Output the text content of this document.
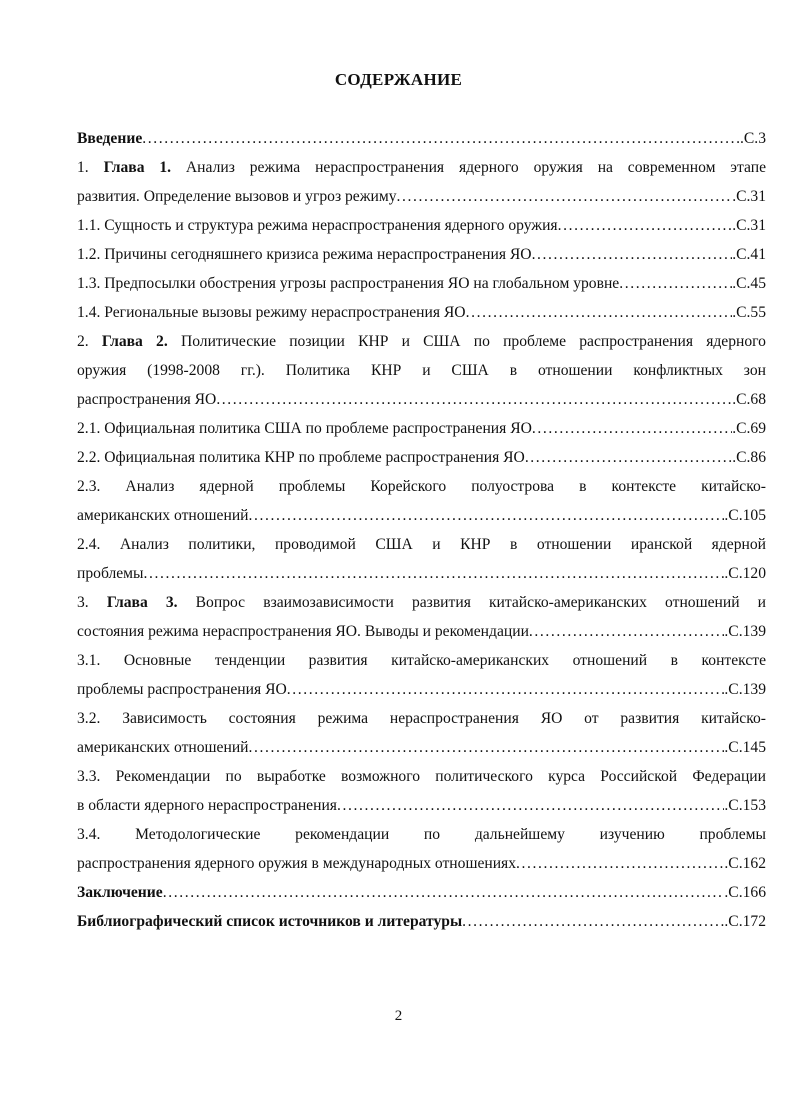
СОДЕРЖАНИЕ
Введение .....	.С.3
1. Глава 1. Анализ режима нераспространения ядерного оружия на современном этапе
развития. Определение вызовов и угроз режиму .....	.С.31
1.1. Сущность и структура режима нераспространения ядерного оружия .....	.С.31
1.2. Причины сегодняшнего кризиса режима нераспространения ЯО .....	.С.41
1.3. Предпосылки обострения угрозы распространения ЯО на глобальном уровне .....	.С.45
1.4. Региональные вызовы режиму нераспространения ЯО .....	.С.55
2. Глава 2. Политические позиции КНР и США по проблеме распространения ядерного
оружия (1998-2008 гг.). Политика КНР и США в отношении конфликтных зон
распространения ЯО .....	.С.68
2.1. Официальная политика США по проблеме распространения ЯО .....	.С.69
2.2. Официальная политика КНР по проблеме распространения ЯО .....	.С.86
2.3. Анализ ядерной проблемы Корейского полуострова в контексте китайско-
американских отношений .....	.С.105
2.4. Анализ политики, проводимой США и КНР в отношении иранской ядерной
проблемы .....	.С.120
3. Глава 3. Вопрос взаимозависимости развития китайско-американских отношений и
состояния режима нераспространения ЯО. Выводы и рекомендации .....	.С.139
3.1. Основные тенденции развития китайско-американских отношений в контексте
проблемы распространения ЯО .....	.С.139
3.2. Зависимость состояния режима нераспространения ЯО от развития китайско-
американских отношений .....	.С.145
3.3. Рекомендации по выработке возможного политического курса Российской Федерации
в области ядерного нераспространения .....	.С.153
3.4. Методологические рекомендации по дальнейшему изучению проблемы
распространения ядерного оружия в международных отношениях .....	.С.162
Заключение .....	.С.166
Библиографический список источников и литературы .....	.С.172
2
